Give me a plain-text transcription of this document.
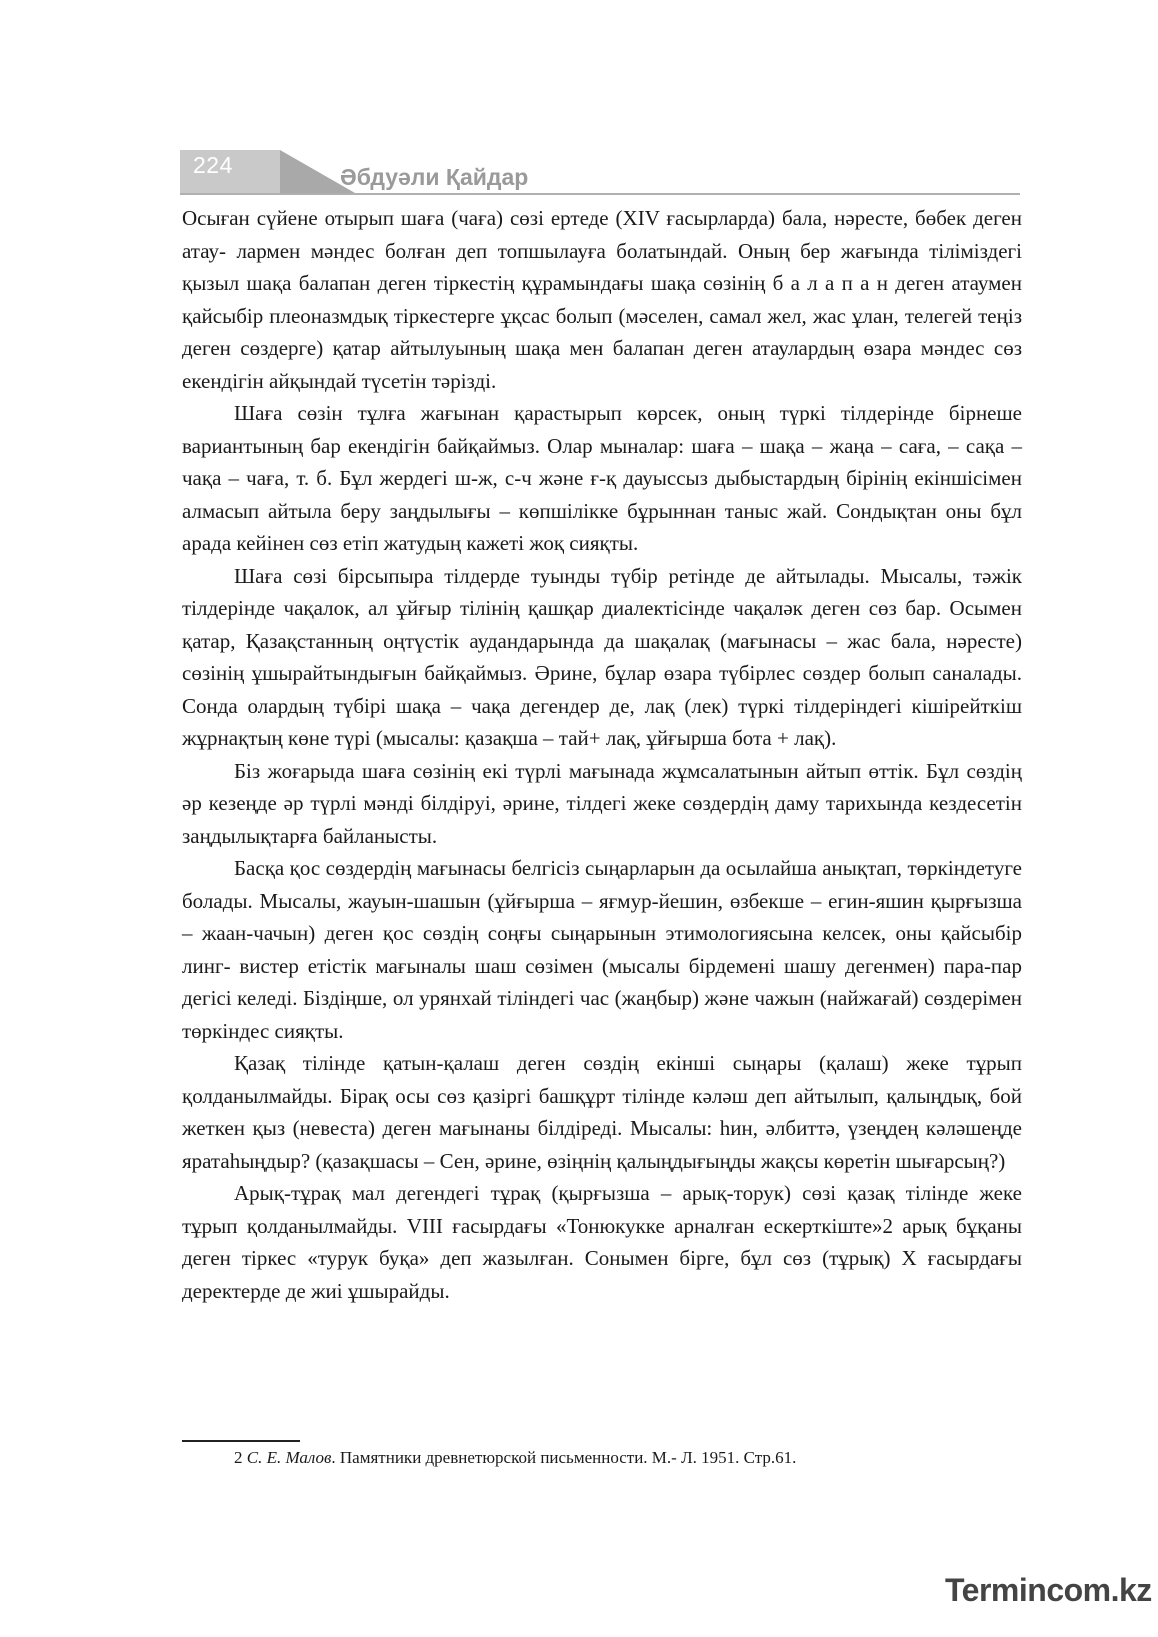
224	Әбдуәли Қайдар

Осыған сүйене отырып шаға (чаға) сөзі ертеде (XIV ғасырларда) бала, нәресте, бөбек деген атау- лармен мәндес болған деп топшылауға болатындай. Оның бер жағында тіліміздегі қызыл шақа балапан деген тіркестің құрамындағы шақа сөзінің б а л а п а н деген атаумен қайсыбір плеоназмдық тіркестерге ұқсас болып (мәселен, самал жел, жас ұлан, телегей теңіз деген сөздерге) қатар айтылуының шақа мен балапан деген атаулардың өзара мәндес сөз екендігін айқындай түсетін тәрізді.

Шаға сөзін тұлға жағынан қарастырып көрсек, оның түркі тілдерінде бірнеше вариантының бар екендігін байқаймыз. Олар мыналар: шаға – шақа – жаңа – саға, – сақа – чақа – чаға, т. б. Бұл жердегі ш-ж, с-ч және ғ-қ дауыссыз дыбыстардың бірінің екіншісімен алмасып айтыла беру заңдылығы – көпшілікке бұрыннан таныс жай. Сондықтан оны бұл арада кейінен сөз етіп жатудың кажеті жоқ сияқты.

Шаға сөзі бірсыпыра тілдерде туынды түбір ретінде де айтылады. Мысалы, тәжік тілдерінде чақалок, ал ұйғыр тілінің қашқар диалектісінде чақаләк деген сөз бар. Осымен қатар, Қазақстанның оңтүстік аудандарында да шақалақ (мағынасы – жас бала, нәресте) сөзінің ұшырайтындығын байқаймыз. Әрине, бұлар өзара түбірлес сөздер болып саналады. Сонда олардың түбірі шақа – чақа дегендер де, лақ (лек) түркі тілдеріндегі кішірейткіш жұрнақтың көне түрі (мысалы: қазақша – тай+ лақ, ұйғырша бота + лақ).

Біз жоғарыда шаға сөзінің екі түрлі мағынада жұмсалатынын айтып өттік. Бұл сөздің әр кезеңде әр түрлі мәнді білдіруі, әрине, тілдегі жеке сөздердің даму тарихында кездесетін заңдылықтарға байланысты.

Басқа қос сөздердің мағынасы белгісіз сыңарларын да осылайша анықтап, төркіндетуге болады. Мысалы, жауын-шашын (ұйғырша – яғмур-йешин, өзбекше – егин-яшин қырғызша – жаан-чачын) деген қос сөздің соңғы сыңарынын этимологиясына келсек, оны қайсыбір линг- вистер етістік мағыналы шаш сөзімен (мысалы бірдемені шашу дегенмен) пара-пар дегісі келеді. Біздіңше, ол урянхай тіліндегі час (жаңбыр) және чажын (найжағай) сөздерімен төркіндес сияқты.

Қазақ тілінде қатын-қалаш деген сөздің екінші сыңары (қалаш) жеке тұрып қолданылмайды. Бірақ осы сөз қазіргі башқұрт тілінде кәләш деп айтылып, қалыңдық, бой жеткен қыз (невеста) деген мағынаны білдіреді. Мысалы: һин, әлбиттә, үзеңдең кәләшеңде яратаһыңдыр? (қазақшасы – Сен, әрине, өзіңнің қалыңдығыңды жақсы көретін шығарсың?)

Арық-тұрақ мал дегендегі тұрақ (қырғызша – арық-торук) сөзі қазақ тілінде жеке тұрып қолданылмайды. VIII ғасырдағы «Тонюкукке арналған ескерткіште»2 арық бұқаны деген тіркес «турук буқа» деп жазылған. Сонымен бірге, бұл сөз (тұрық) X ғасырдағы деректерде де жиі ұшырайды.

2 С. Е. Малов. Памятники древнетюрской письменности. М.- Л. 1951. Стр.61.
Termincom.kz
